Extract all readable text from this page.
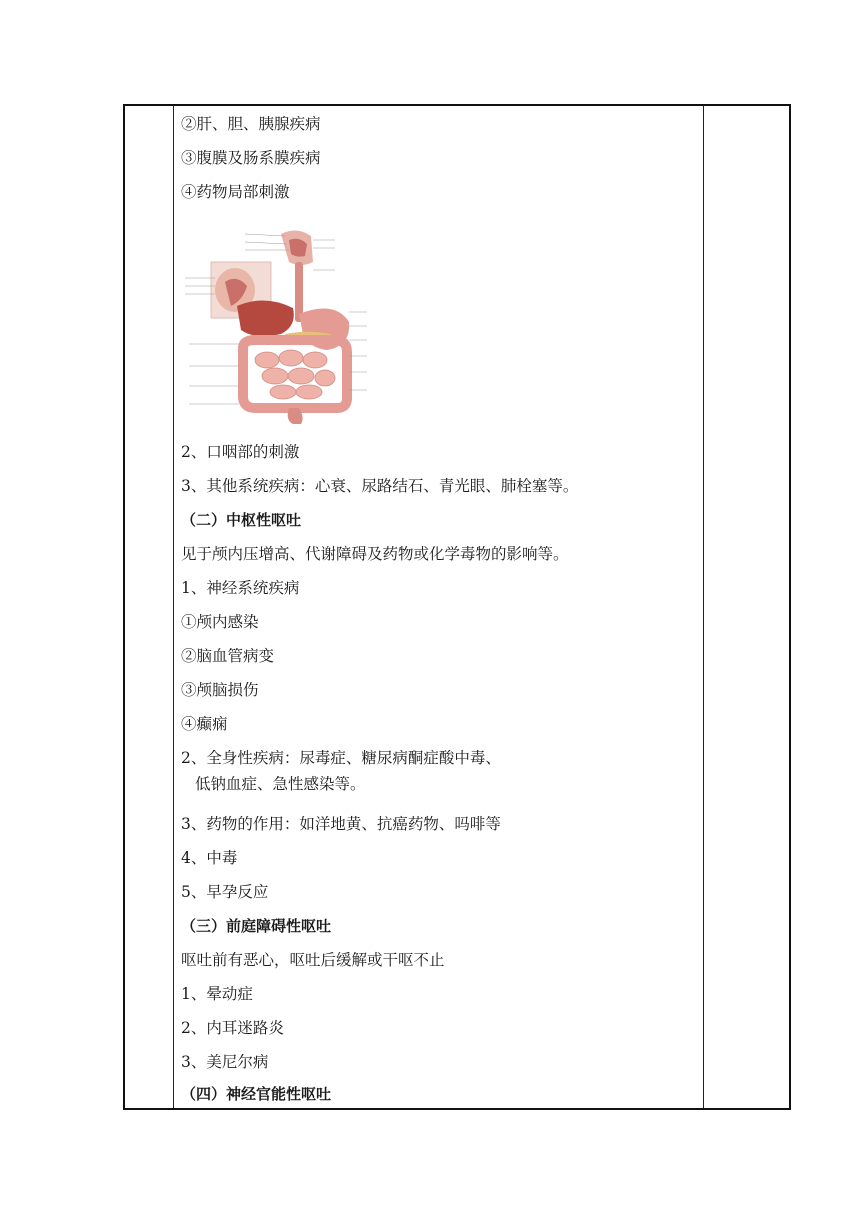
②肝、胆、胰腺疾病
③腹膜及肠系膜疾病
④药物局部刺激
2、口咽部的刺激
3、其他系统疾病：心衰、尿路结石、青光眼、肺栓塞等。
（二）中枢性呕吐
见于颅内压增高、代谢障碍及药物或化学毒物的影响等。
1、神经系统疾病
①颅内感染
②脑血管病变
③颅脑损伤
④癫痫
2、全身性疾病：尿毒症、糖尿病酮症酸中毒、
低钠血症、急性感染等。
3、药物的作用：如洋地黄、抗癌药物、吗啡等
4、中毒
5、早孕反应
（三）前庭障碍性呕吐
呕吐前有恶心，呕吐后缓解或干呕不止
1、晕动症
2、内耳迷路炎
3、美尼尔病
（四）神经官能性呕吐
